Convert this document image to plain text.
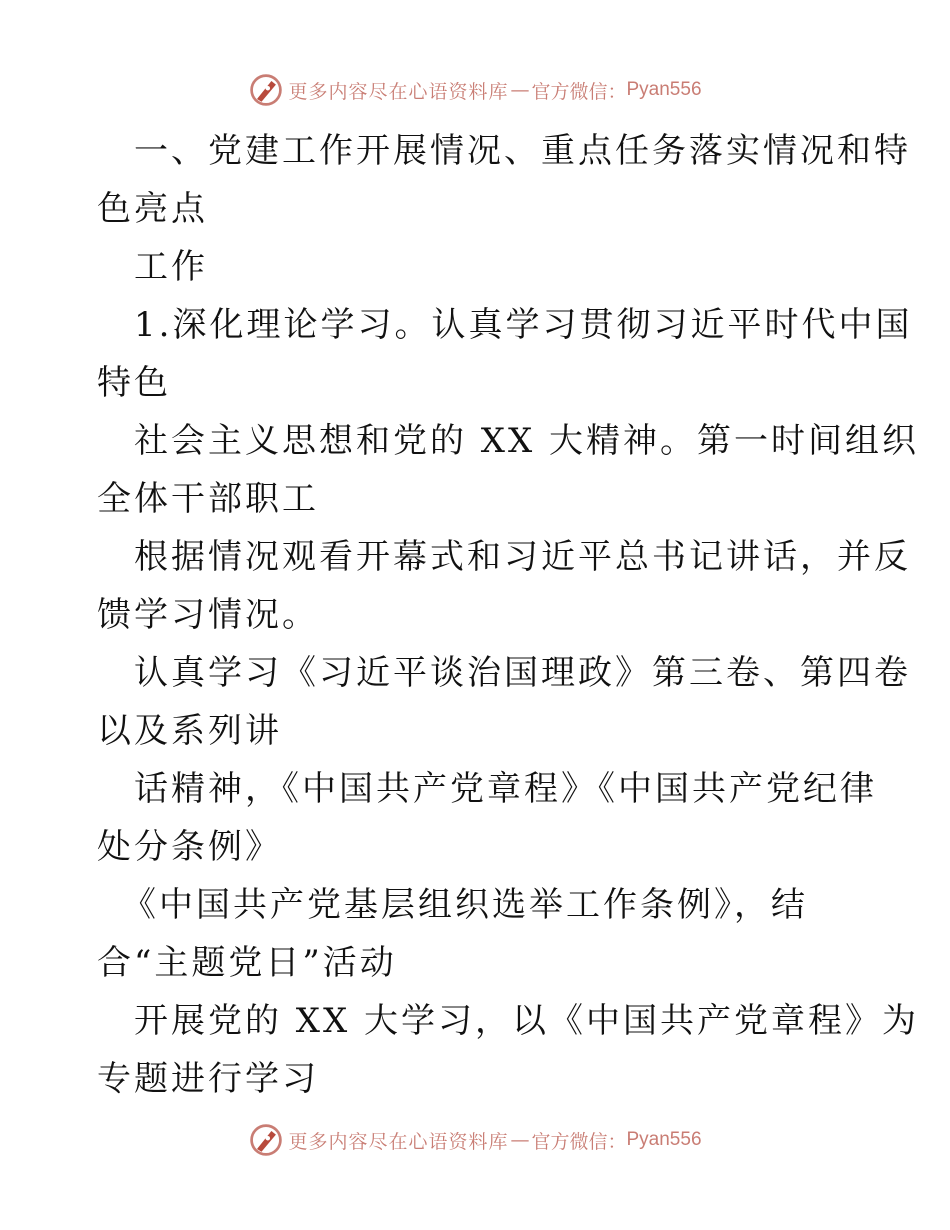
更多内容尽在心语资料库 — 官方微信： Pyan556
一、党建工作开展情况、重点任务落实情况和特
色亮点
工作
1.深化理论学习。认真学习贯彻习近平时代中国
特色
社会主义思想和党的 XX 大精神。第一时间组织
全体干部职工
根据情况观看开幕式和习近平总书记讲话，并反
馈学习情况。
认真学习《习近平谈治国理政》第三卷、第四卷
以及系列讲
话精神，《中国共产党章程》《中国共产党纪律
处分条例》
《中国共产党基层组织选举工作条例》，结
合“主题党日”活动
开展党的 XX 大学习，以《中国共产党章程》为
专题进行学习
更多内容尽在心语资料库 — 官方微信： Pyan556
